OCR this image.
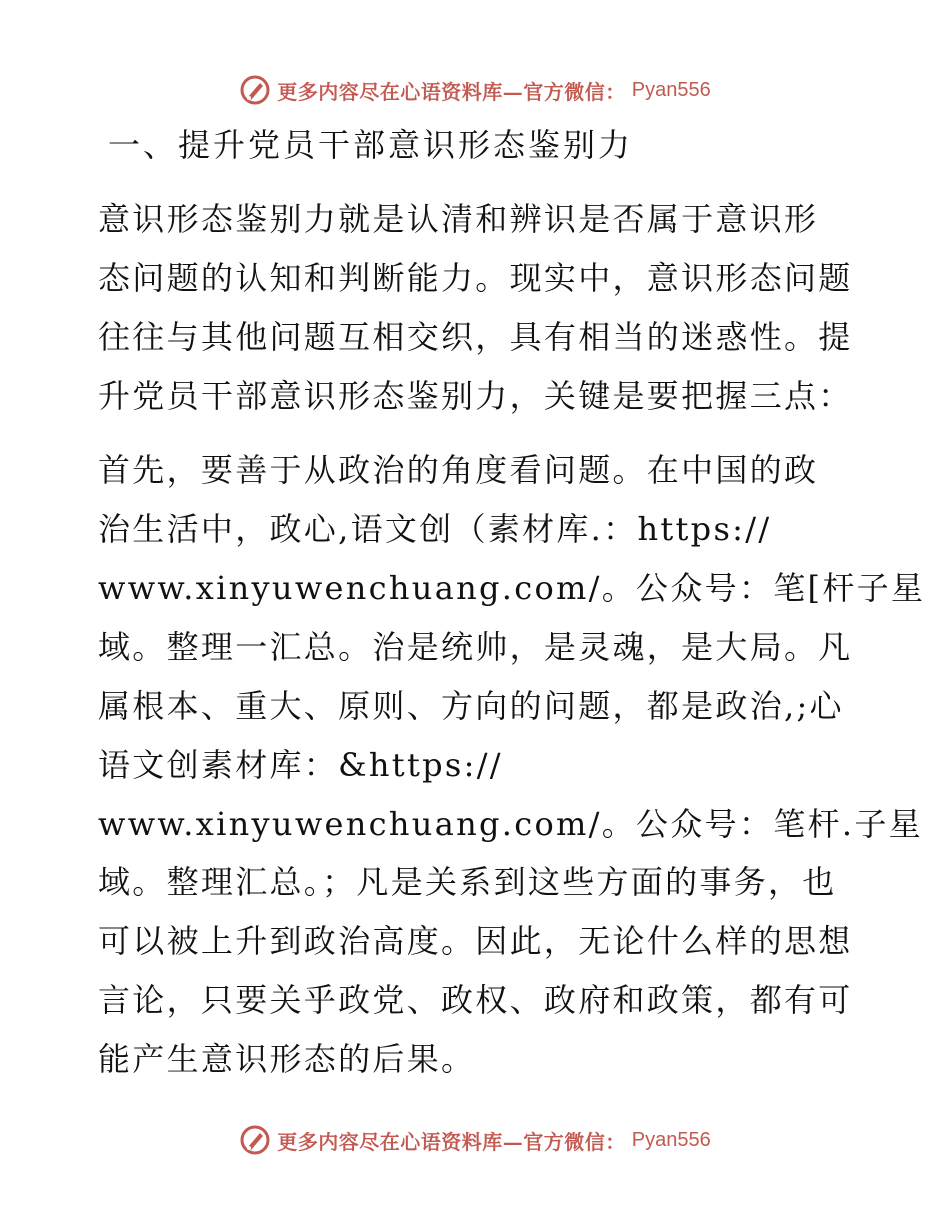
更多内容尽在心语资料库—官方微信： Pyan556
一、提升党员干部意识形态鉴别力
意识形态鉴别力就是认清和辨识是否属于意识形
态问题的认知和判断能力。现实中，意识形态问题
往往与其他问题互相交织，具有相当的迷惑性。提
升党员干部意识形态鉴别力，关键是要把握三点：
首先，要善于从政治的角度看问题。在中国的政
治生活中，政心,语文创（素材库.：https://
www.xinyuwenchuang.com/。公众号：笔[杆子星
域。整理一汇总。治是统帅，是灵魂，是大局。凡
属根本、重大、原则、方向的问题，都是政治,;心
语文创素材库：&https://
www.xinyuwenchuang.com/。公众号：笔杆.子星
域。整理汇总。；凡是关系到这些方面的事务，也
可以被上升到政治高度。因此，无论什么样的思想
言论，只要关乎政党、政权、政府和政策，都有可
能产生意识形态的后果。
更多内容尽在心语资料库—官方微信： Pyan556
